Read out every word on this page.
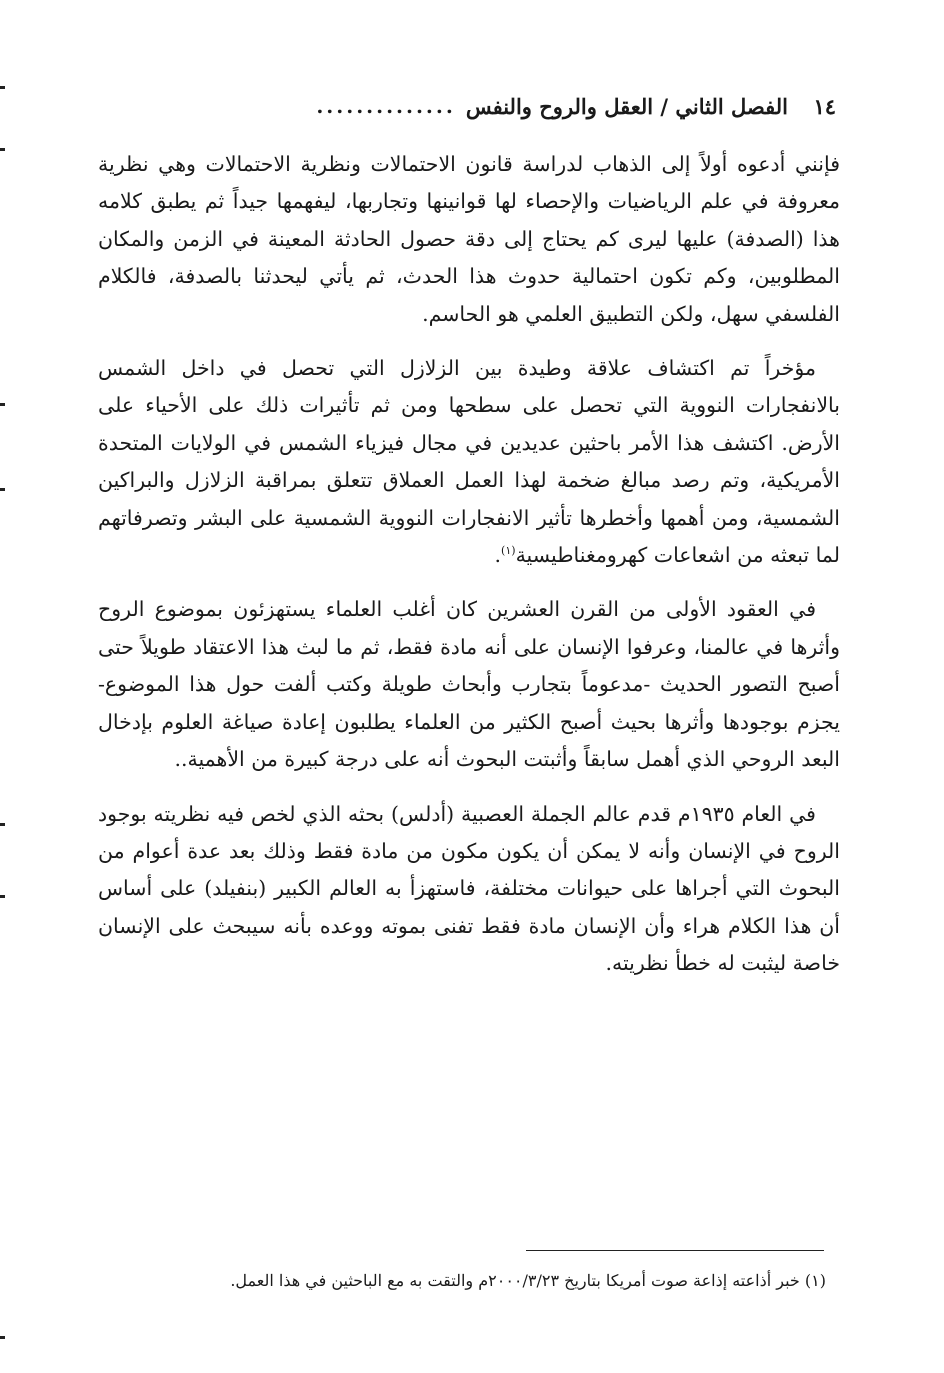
١٤
الفصل الثاني / العقل والروح والنفس
..............

فإنني أدعوه أولاً إلى الذهاب لدراسة قانون الاحتمالات ونظرية الاحتمالات وهي نظرية معروفة في علم الرياضيات والإحصاء لها قوانينها وتجاربها، ليفهمها جيداً ثم يطبق كلامه هذا (الصدفة) عليها ليرى كم يحتاج إلى دقة حصول الحادثة المعينة في الزمن والمكان المطلوبين، وكم تكون احتمالية حدوث هذا الحدث، ثم يأتي ليحدثنا بالصدفة، فالكلام الفلسفي سهل، ولكن التطبيق العلمي هو الحاسم.

مؤخراً تم اكتشاف علاقة وطيدة بين الزلازل التي تحصل في داخل الشمس بالانفجارات النووية التي تحصل على سطحها ومن ثم تأثيرات ذلك على الأحياء على الأرض. اكتشف هذا الأمر باحثين عديدين في مجال فيزياء الشمس في الولايات المتحدة الأمريكية، وتم رصد مبالغ ضخمة لهذا العمل العملاق تتعلق بمراقبة الزلازل والبراكين الشمسية، ومن أهمها وأخطرها تأثير الانفجارات النووية الشمسية على البشر وتصرفاتهم لما تبعثه من اشعاعات كهرومغناطيسية$^{(١)}$.

في العقود الأولى من القرن العشرين كان أغلب العلماء يستهزئون بموضوع الروح وأثرها في عالمنا، وعرفوا الإنسان على أنه مادة فقط، ثم ما لبث هذا الاعتقاد طويلاً حتى أصبح التصور الحديث -مدعوماً بتجارب وأبحاث طويلة وكتب ألفت حول هذا الموضوع- يجزم بوجودها وأثرها بحيث أصبح الكثير من العلماء يطلبون إعادة صياغة العلوم بإدخال البعد الروحي الذي أهمل سابقاً وأثبتت البحوث أنه على درجة كبيرة من الأهمية..

في العام ١٩٣٥م قدم عالم الجملة العصبية (أدلس) بحثه الذي لخص فيه نظريته بوجود الروح في الإنسان وأنه لا يمكن أن يكون مكون من مادة فقط وذلك بعد عدة أعوام من البحوث التي أجراها على حيوانات مختلفة، فاستهزأ به العالم الكبير (بنفيلد) على أساس أن هذا الكلام هراء وأن الإنسان مادة فقط تفنى بموته ووعده بأنه سيبحث على الإنسان خاصة ليثبت له خطأ نظريته.

(١) خبر أذاعته إذاعة صوت أمريكا بتاريخ ٢٠٠٠/٣/٢٣م والتقت به مع الباحثين في هذا العمل.
